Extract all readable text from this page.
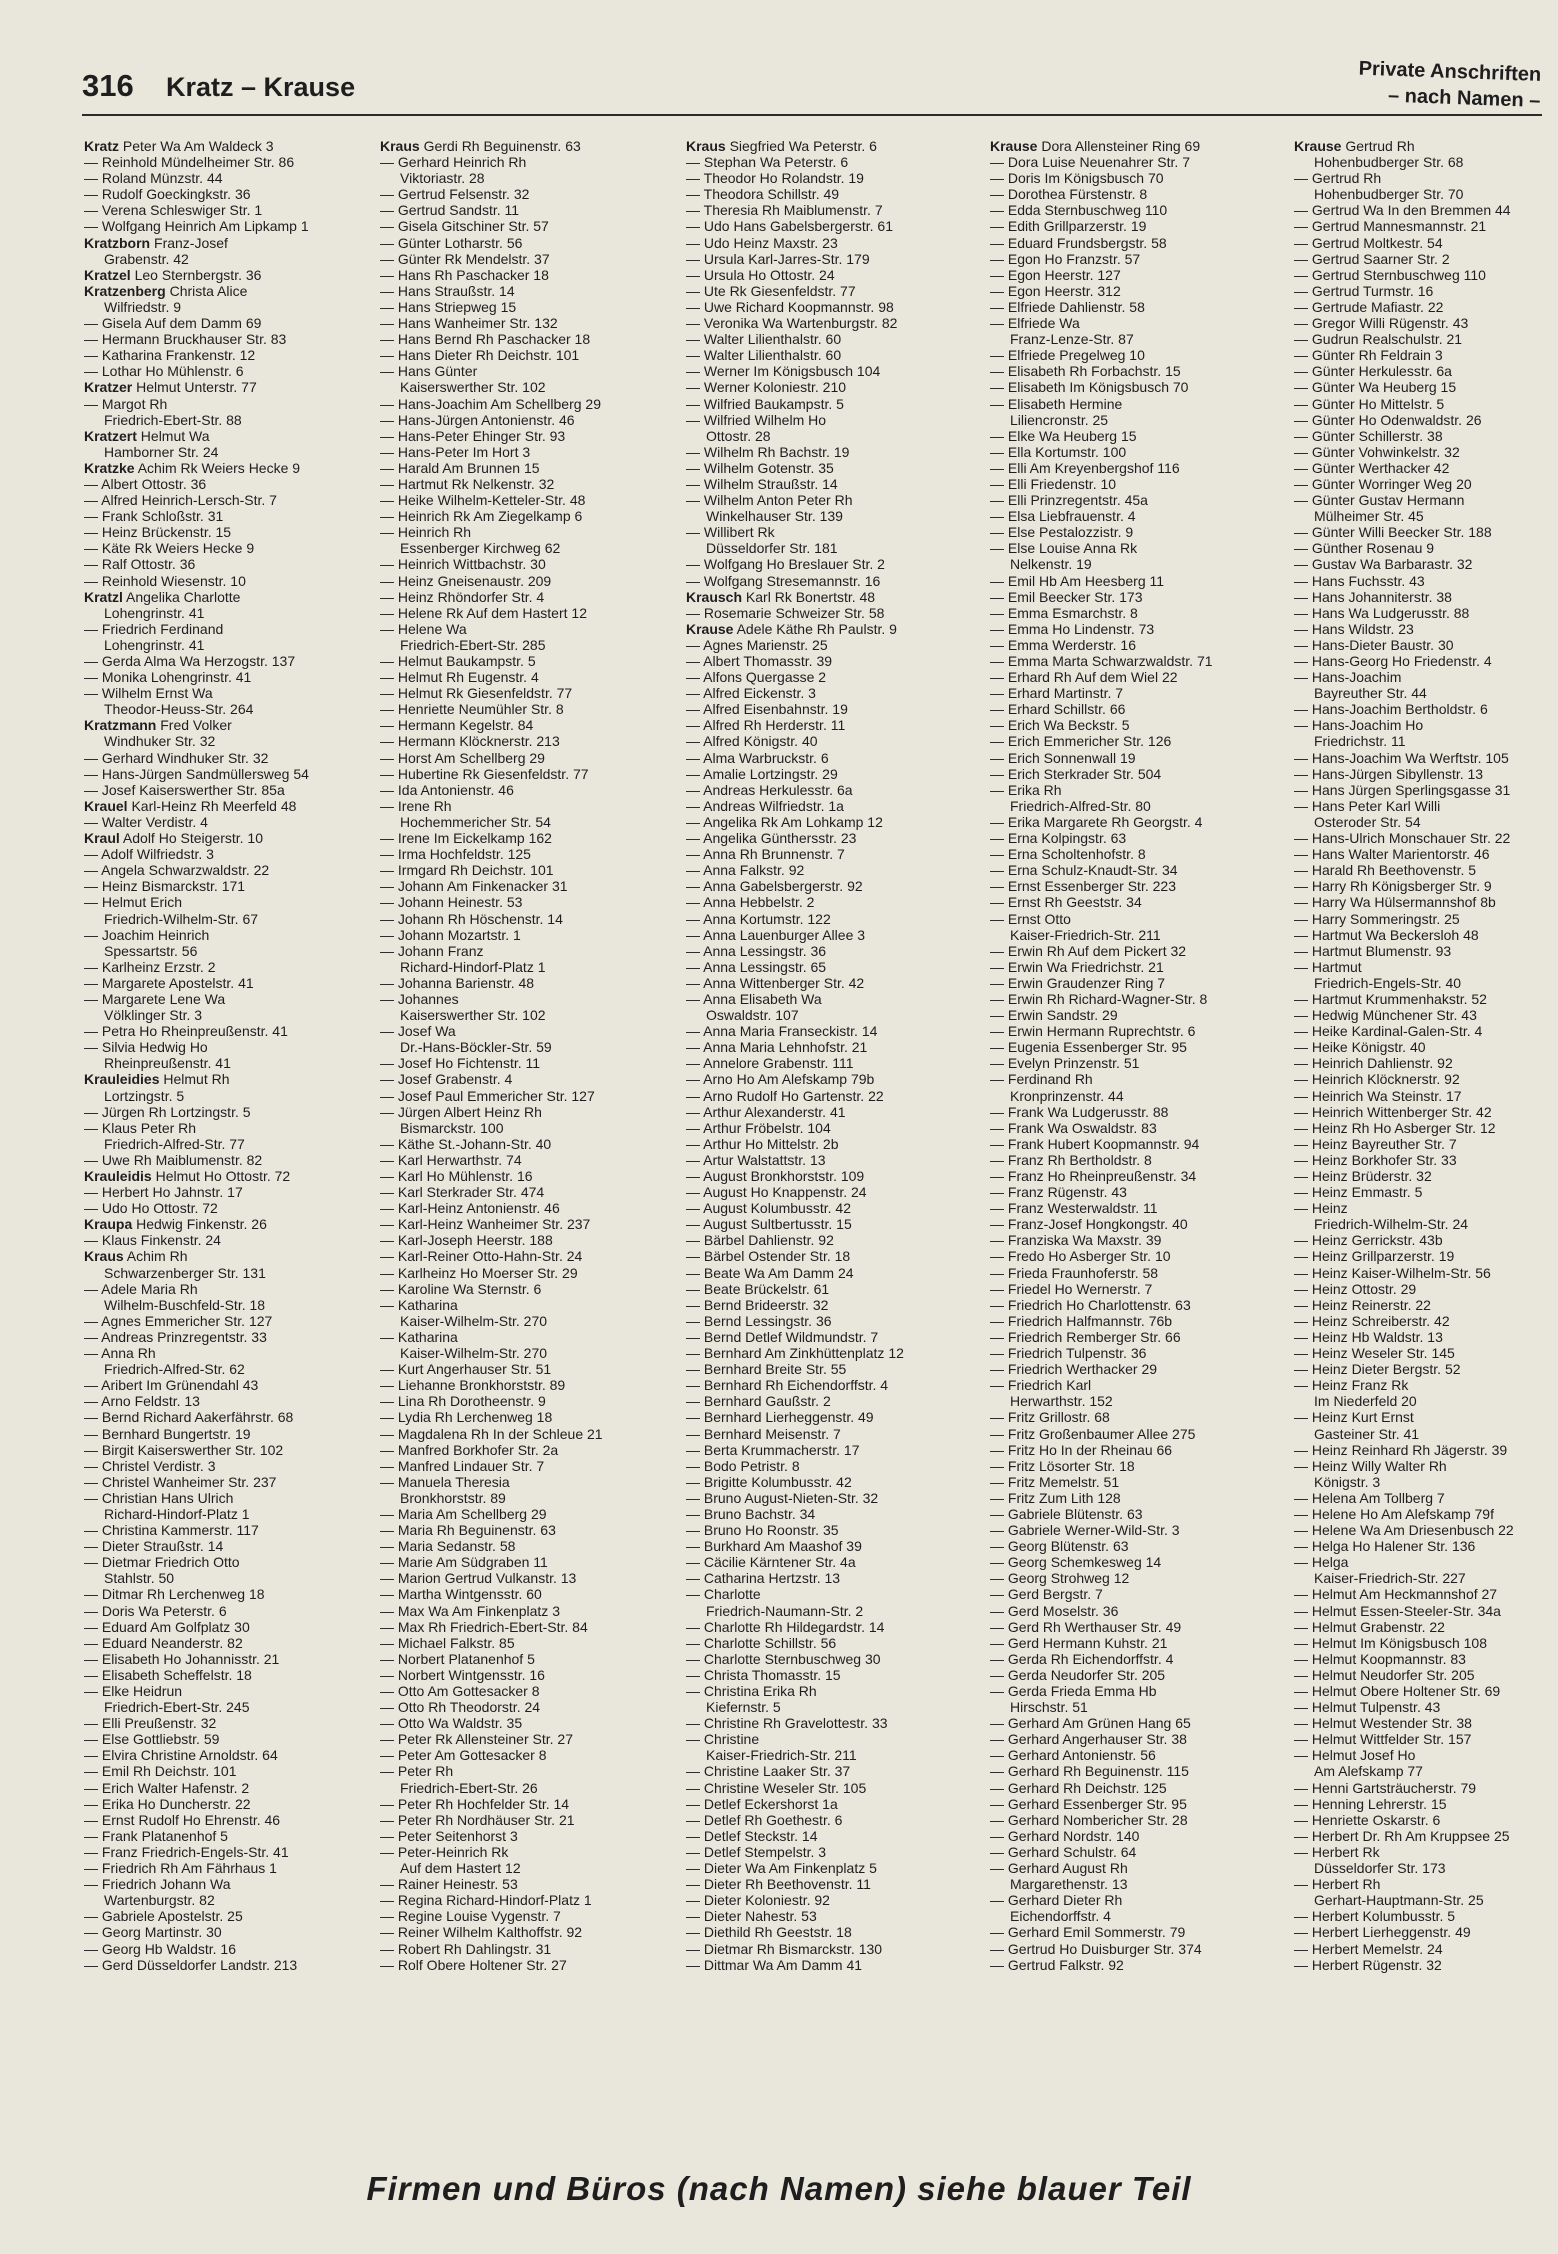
316 Kratz – Krause
Private Anschriften
– nach Namen –
Kratz Peter Wa Am Waldeck 3
— Reinhold Mündelheimer Str. 86
— Roland Münzstr. 44
— Rudolf Goeckingkstr. 36
— Verena Schleswiger Str. 1
— Wolfgang Heinrich Am Lipkamp 1
Kratzborn Franz-Josef
Grabenstr. 42
Kratzel Leo Sternbergstr. 36
Kratzenberg Christa Alice
Wilfriedstr. 9
— Gisela Auf dem Damm 69
— Hermann Bruckhauser Str. 83
— Katharina Frankenstr. 12
— Lothar Ho Mühlenstr. 6
Kratzer Helmut Unterstr. 77
— Margot Rh
Friedrich-Ebert-Str. 88
Kratzert Helmut Wa
Hamborner Str. 24
Kratzke Achim Rk Weiers Hecke 9
— Albert Ottostr. 36
— Alfred Heinrich-Lersch-Str. 7
— Frank Schloßstr. 31
— Heinz Brückenstr. 15
— Käte Rk Weiers Hecke 9
— Ralf Ottostr. 36
— Reinhold Wiesenstr. 10
Kratzl Angelika Charlotte
Lohengrinstr. 41
— Friedrich Ferdinand
Lohengrinstr. 41
— Gerda Alma Wa Herzogstr. 137
— Monika Lohengrinstr. 41
— Wilhelm Ernst Wa
Theodor-Heuss-Str. 264
Kratzmann Fred Volker
Windhuker Str. 32
— Gerhard Windhuker Str. 32
— Hans-Jürgen Sandmüllersweg 54
— Josef Kaiserswerther Str. 85a
Krauel Karl-Heinz Rh Meerfeld 48
— Walter Verdistr. 4
Kraul Adolf Ho Steigerstr. 10
— Adolf Wilfriedstr. 3
— Angela Schwarzwaldstr. 22
— Heinz Bismarckstr. 171
— Helmut Erich
Friedrich-Wilhelm-Str. 67
— Joachim Heinrich
Spessartstr. 56
— Karlheinz Erzstr. 2
— Margarete Apostelstr. 41
— Margarete Lene Wa
Völklinger Str. 3
— Petra Ho Rheinpreußenstr. 41
— Silvia Hedwig Ho
Rheinpreußenstr. 41
Krauleidies Helmut Rh
Lortzingstr. 5
— Jürgen Rh Lortzingstr. 5
— Klaus Peter Rh
Friedrich-Alfred-Str. 77
— Uwe Rh Maiblumenstr. 82
Krauleidis Helmut Ho Ottostr. 72
— Herbert Ho Jahnstr. 17
— Udo Ho Ottostr. 72
Kraupa Hedwig Finkenstr. 26
— Klaus Finkenstr. 24
Kraus Achim Rh
Schwarzenberger Str. 131
— Adele Maria Rh
Wilhelm-Buschfeld-Str. 18
— Agnes Emmericher Str. 127
— Andreas Prinzregentstr. 33
— Anna Rh
Friedrich-Alfred-Str. 62
— Aribert Im Grünendahl 43
— Arno Feldstr. 13
— Bernd Richard Aakerfährstr. 68
— Bernhard Bungertstr. 19
— Birgit Kaiserswerther Str. 102
— Christel Verdistr. 3
— Christel Wanheimer Str. 237
— Christian Hans Ulrich
Richard-Hindorf-Platz 1
— Christina Kammerstr. 117
— Dieter Straußstr. 14
— Dietmar Friedrich Otto
Stahlstr. 50
— Ditmar Rh Lerchenweg 18
— Doris Wa Peterstr. 6
— Eduard Am Golfplatz 30
— Eduard Neanderstr. 82
— Elisabeth Ho Johannisstr. 21
— Elisabeth Scheffelstr. 18
— Elke Heidrun
Friedrich-Ebert-Str. 245
— Elli Preußenstr. 32
— Else Gottliebstr. 59
— Elvira Christine Arnoldstr. 64
— Emil Rh Deichstr. 101
— Erich Walter Hafenstr. 2
— Erika Ho Duncherstr. 22
— Ernst Rudolf Ho Ehrenstr. 46
— Frank Platanenhof 5
— Franz Friedrich-Engels-Str. 41
— Friedrich Rh Am Fährhaus 1
— Friedrich Johann Wa
Wartenburgstr. 82
— Gabriele Apostelstr. 25
— Georg Martinstr. 30
— Georg Hb Waldstr. 16
— Gerd Düsseldorfer Landstr. 213
Kraus Gerdi Rh Beguinenstr. 63
— Gerhard Heinrich Rh
Viktoriastr. 28
— Gertrud Felsenstr. 32
— Gertrud Sandstr. 11
— Gisela Gitschiner Str. 57
— Günter Lotharstr. 56
— Günter Rk Mendelstr. 37
— Hans Rh Paschacker 18
— Hans Straußstr. 14
— Hans Striepweg 15
— Hans Wanheimer Str. 132
— Hans Bernd Rh Paschacker 18
— Hans Dieter Rh Deichstr. 101
— Hans Günter
Kaiserswerther Str. 102
— Hans-Joachim Am Schellberg 29
— Hans-Jürgen Antonienstr. 46
— Hans-Peter Ehinger Str. 93
— Hans-Peter Im Hort 3
— Harald Am Brunnen 15
— Hartmut Rk Nelkenstr. 32
— Heike Wilhelm-Ketteler-Str. 48
— Heinrich Rk Am Ziegelkamp 6
— Heinrich Rh
Essenberger Kirchweg 62
— Heinrich Wittbachstr. 30
— Heinz Gneisenaustr. 209
— Heinz Rhöndorfer Str. 4
— Helene Rk Auf dem Hastert 12
— Helene Wa
Friedrich-Ebert-Str. 285
— Helmut Baukampstr. 5
— Helmut Rh Eugenstr. 4
— Helmut Rk Giesenfeldstr. 77
— Henriette Neumühler Str. 8
— Hermann Kegelstr. 84
— Hermann Klöcknerstr. 213
— Horst Am Schellberg 29
— Hubertine Rk Giesenfeldstr. 77
— Ida Antonienstr. 46
— Irene Rh
Hochemmericher Str. 54
— Irene Im Eickelkamp 162
— Irma Hochfeldstr. 125
— Irmgard Rh Deichstr. 101
— Johann Am Finkenacker 31
— Johann Heinestr. 53
— Johann Rh Höschenstr. 14
— Johann Mozartstr. 1
— Johann Franz
Richard-Hindorf-Platz 1
— Johanna Barienstr. 48
— Johannes
Kaiserswerther Str. 102
— Josef Wa
Dr.-Hans-Böckler-Str. 59
— Josef Ho Fichtenstr. 11
— Josef Grabenstr. 4
— Josef Paul Emmericher Str. 127
— Jürgen Albert Heinz Rh
Bismarckstr. 100
— Käthe St.-Johann-Str. 40
— Karl Herwarthstr. 74
— Karl Ho Mühlenstr. 16
— Karl Sterkrader Str. 474
— Karl-Heinz Antonienstr. 46
— Karl-Heinz Wanheimer Str. 237
— Karl-Joseph Heerstr. 188
— Karl-Reiner Otto-Hahn-Str. 24
— Karlheinz Ho Moerser Str. 29
— Karoline Wa Sternstr. 6
— Katharina
Kaiser-Wilhelm-Str. 270
— Katharina
Kaiser-Wilhelm-Str. 270
— Kurt Angerhauser Str. 51
— Liehanne Bronkhorststr. 89
— Lina Rh Dorotheenstr. 9
— Lydia Rh Lerchenweg 18
— Magdalena Rh In der Schleue 21
— Manfred Borkhofer Str. 2a
— Manfred Lindauer Str. 7
— Manuela Theresia
Bronkhorststr. 89
— Maria Am Schellberg 29
— Maria Rh Beguinenstr. 63
— Maria Sedanstr. 58
— Marie Am Südgraben 11
— Marion Gertrud Vulkanstr. 13
— Martha Wintgensstr. 60
— Max Wa Am Finkenplatz 3
— Max Rh Friedrich-Ebert-Str. 84
— Michael Falkstr. 85
— Norbert Platanenhof 5
— Norbert Wintgensstr. 16
— Otto Am Gottesacker 8
— Otto Rh Theodorstr. 24
— Otto Wa Waldstr. 35
— Peter Rk Allensteiner Str. 27
— Peter Am Gottesacker 8
— Peter Rh
Friedrich-Ebert-Str. 26
— Peter Rh Hochfelder Str. 14
— Peter Rh Nordhäuser Str. 21
— Peter Seitenhorst 3
— Peter-Heinrich Rk
Auf dem Hastert 12
— Rainer Heinestr. 53
— Regina Richard-Hindorf-Platz 1
— Regine Louise Vygenstr. 7
— Reiner Wilhelm Kalthoffstr. 92
— Robert Rh Dahlingstr. 31
— Rolf Obere Holtener Str. 27
Kraus Siegfried Wa Peterstr. 6
— Stephan Wa Peterstr. 6
— Theodor Ho Rolandstr. 19
— Theodora Schillstr. 49
— Theresia Rh Maiblumenstr. 7
— Udo Hans Gabelsbergerstr. 61
— Udo Heinz Maxstr. 23
— Ursula Karl-Jarres-Str. 179
— Ursula Ho Ottostr. 24
— Ute Rk Giesenfeldstr. 77
— Uwe Richard Koopmannstr. 98
— Veronika Wa Wartenburgstr. 82
— Walter Lilienthalstr. 60
— Walter Lilienthalstr. 60
— Werner Im Königsbusch 104
— Werner Koloniestr. 210
— Wilfried Baukampstr. 5
— Wilfried Wilhelm Ho
Ottostr. 28
— Wilhelm Rh Bachstr. 19
— Wilhelm Gotenstr. 35
— Wilhelm Straußstr. 14
— Wilhelm Anton Peter Rh
Winkelhauser Str. 139
— Willibert Rk
Düsseldorfer Str. 181
— Wolfgang Ho Breslauer Str. 2
— Wolfgang Stresemannstr. 16
Krausch Karl Rk Bonertstr. 48
— Rosemarie Schweizer Str. 58
Krause Adele Käthe Rh Paulstr. 9
— Agnes Marienstr. 25
— Albert Thomasstr. 39
— Alfons Quergasse 2
— Alfred Eickenstr. 3
— Alfred Eisenbahnstr. 19
— Alfred Rh Herderstr. 11
— Alfred Königstr. 40
— Alma Warbruckstr. 6
— Amalie Lortzingstr. 29
— Andreas Herkulesstr. 6a
— Andreas Wilfriedstr. 1a
— Angelika Rk Am Lohkamp 12
— Angelika Günthersstr. 23
— Anna Rh Brunnenstr. 7
— Anna Falkstr. 92
— Anna Gabelsbergerstr. 92
— Anna Hebbelstr. 2
— Anna Kortumstr. 122
— Anna Lauenburger Allee 3
— Anna Lessingstr. 36
— Anna Lessingstr. 65
— Anna Wittenberger Str. 42
— Anna Elisabeth Wa
Oswaldstr. 107
— Anna Maria Franseckistr. 14
— Anna Maria Lehnhofstr. 21
— Annelore Grabenstr. 111
— Arno Ho Am Alefskamp 79b
— Arno Rudolf Ho Gartenstr. 22
— Arthur Alexanderstr. 41
— Arthur Fröbelstr. 104
— Arthur Ho Mittelstr. 2b
— Artur Walstattstr. 13
— August Bronkhorststr. 109
— August Ho Knappenstr. 24
— August Kolumbusstr. 42
— August Sultbertusstr. 15
— Bärbel Dahlienstr. 92
— Bärbel Ostender Str. 18
— Beate Wa Am Damm 24
— Beate Brückelstr. 61
— Bernd Brideerstr. 32
— Bernd Lessingstr. 36
— Bernd Detlef Wildmundstr. 7
— Bernhard Am Zinkhüttenplatz 12
— Bernhard Breite Str. 55
— Bernhard Rh Eichendorffstr. 4
— Bernhard Gaußstr. 2
— Bernhard Lierheggenstr. 49
— Bernhard Meisenstr. 7
— Berta Krummacherstr. 17
— Bodo Petristr. 8
— Brigitte Kolumbusstr. 42
— Bruno August-Nieten-Str. 32
— Bruno Bachstr. 34
— Bruno Ho Roonstr. 35
— Burkhard Am Maashof 39
— Cäcilie Kärntener Str. 4a
— Catharina Hertzstr. 13
— Charlotte
Friedrich-Naumann-Str. 2
— Charlotte Rh Hildegardstr. 14
— Charlotte Schillstr. 56
— Charlotte Sternbuschweg 30
— Christa Thomasstr. 15
— Christina Erika Rh
Kiefernstr. 5
— Christine Rh Gravelottestr. 33
— Christine
Kaiser-Friedrich-Str. 211
— Christine Laaker Str. 37
— Christine Weseler Str. 105
— Detlef Eckershorst 1a
— Detlef Rh Goethestr. 6
— Detlef Steckstr. 14
— Detlef Stempelstr. 3
— Dieter Wa Am Finkenplatz 5
— Dieter Rh Beethovenstr. 11
— Dieter Koloniestr. 92
— Dieter Nahestr. 53
— Diethild Rh Geeststr. 18
— Dietmar Rh Bismarckstr. 130
— Dittmar Wa Am Damm 41
Krause Dora Allensteiner Ring 69
— Dora Luise Neuenahrer Str. 7
— Doris Im Königsbusch 70
— Dorothea Fürstenstr. 8
— Edda Sternbuschweg 110
— Edith Grillparzerstr. 19
— Eduard Frundsbergstr. 58
— Egon Ho Franzstr. 57
— Egon Heerstr. 127
— Egon Heerstr. 312
— Elfriede Dahlienstr. 58
— Elfriede Wa
Franz-Lenze-Str. 87
— Elfriede Pregelweg 10
— Elisabeth Rh Forbachstr. 15
— Elisabeth Im Königsbusch 70
— Elisabeth Hermine
Liliencronstr. 25
— Elke Wa Heuberg 15
— Ella Kortumstr. 100
— Elli Am Kreyenbergshof 116
— Elli Friedenstr. 10
— Elli Prinzregentstr. 45a
— Elsa Liebfrauenstr. 4
— Else Pestalozzistr. 9
— Else Louise Anna Rk
Nelkenstr. 19
— Emil Hb Am Heesberg 11
— Emil Beecker Str. 173
— Emma Esmarchstr. 8
— Emma Ho Lindenstr. 73
— Emma Werderstr. 16
— Emma Marta Schwarzwaldstr. 71
— Erhard Rh Auf dem Wiel 22
— Erhard Martinstr. 7
— Erhard Schillstr. 66
— Erich Wa Beckstr. 5
— Erich Emmericher Str. 126
— Erich Sonnenwall 19
— Erich Sterkrader Str. 504
— Erika Rh
Friedrich-Alfred-Str. 80
— Erika Margarete Rh Georgstr. 4
— Erna Kolpingstr. 63
— Erna Scholtenhofstr. 8
— Erna Schulz-Knaudt-Str. 34
— Ernst Essenberger Str. 223
— Ernst Rh Geeststr. 34
— Ernst Otto
Kaiser-Friedrich-Str. 211
— Erwin Rh Auf dem Pickert 32
— Erwin Wa Friedrichstr. 21
— Erwin Graudenzer Ring 7
— Erwin Rh Richard-Wagner-Str. 8
— Erwin Sandstr. 29
— Erwin Hermann Ruprechtstr. 6
— Eugenia Essenberger Str. 95
— Evelyn Prinzenstr. 51
— Ferdinand Rh
Kronprinzenstr. 44
— Frank Wa Ludgerusstr. 88
— Frank Wa Oswaldstr. 83
— Frank Hubert Koopmannstr. 94
— Franz Rh Bertholdstr. 8
— Franz Ho Rheinpreußenstr. 34
— Franz Rügenstr. 43
— Franz Westerwaldstr. 11
— Franz-Josef Hongkongstr. 40
— Franziska Wa Maxstr. 39
— Fredo Ho Asberger Str. 10
— Frieda Fraunhoferstr. 58
— Friedel Ho Wernerstr. 7
— Friedrich Ho Charlottenstr. 63
— Friedrich Halfmannstr. 76b
— Friedrich Remberger Str. 66
— Friedrich Tulpenstr. 36
— Friedrich Werthacker 29
— Friedrich Karl
Herwarthstr. 152
— Fritz Grillostr. 68
— Fritz Großenbaumer Allee 275
— Fritz Ho In der Rheinau 66
— Fritz Lösorter Str. 18
— Fritz Memelstr. 51
— Fritz Zum Lith 128
— Gabriele Blütenstr. 63
— Gabriele Werner-Wild-Str. 3
— Georg Blütenstr. 63
— Georg Schemkesweg 14
— Georg Strohweg 12
— Gerd Bergstr. 7
— Gerd Moselstr. 36
— Gerd Rh Werthauser Str. 49
— Gerd Hermann Kuhstr. 21
— Gerda Rh Eichendorffstr. 4
— Gerda Neudorfer Str. 205
— Gerda Frieda Emma Hb
Hirschstr. 51
— Gerhard Am Grünen Hang 65
— Gerhard Angerhauser Str. 38
— Gerhard Antonienstr. 56
— Gerhard Rh Beguinenstr. 115
— Gerhard Rh Deichstr. 125
— Gerhard Essenberger Str. 95
— Gerhard Nombericher Str. 28
— Gerhard Nordstr. 140
— Gerhard Schulstr. 64
— Gerhard August Rh
Margarethenstr. 13
— Gerhard Dieter Rh
Eichendorffstr. 4
— Gerhard Emil Sommerstr. 79
— Gertrud Ho Duisburger Str. 374
— Gertrud Falkstr. 92
Krause Gertrud Rh
Hohenbudberger Str. 68
— Gertrud Rh
Hohenbudberger Str. 70
— Gertrud Wa In den Bremmen 44
— Gertrud Mannesmannstr. 21
— Gertrud Moltkestr. 54
— Gertrud Saarner Str. 2
— Gertrud Sternbuschweg 110
— Gertrud Turmstr. 16
— Gertrude Mafiastr. 22
— Gregor Willi Rügenstr. 43
— Gudrun Realschulstr. 21
— Günter Rh Feldrain 3
— Günter Herkulesstr. 6a
— Günter Wa Heuberg 15
— Günter Ho Mittelstr. 5
— Günter Ho Odenwaldstr. 26
— Günter Schillerstr. 38
— Günter Vohwinkelstr. 32
— Günter Werthacker 42
— Günter Worringer Weg 20
— Günter Gustav Hermann
Mülheimer Str. 45
— Günter Willi Beecker Str. 188
— Günther Rosenau 9
— Gustav Wa Barbarastr. 32
— Hans Fuchsstr. 43
— Hans Johanniterstr. 38
— Hans Wa Ludgerusstr. 88
— Hans Wildstr. 23
— Hans-Dieter Baustr. 30
— Hans-Georg Ho Friedenstr. 4
— Hans-Joachim
Bayreuther Str. 44
— Hans-Joachim Bertholdstr. 6
— Hans-Joachim Ho
Friedrichstr. 11
— Hans-Joachim Wa Werftstr. 105
— Hans-Jürgen Sibyllenstr. 13
— Hans Jürgen Sperlingsgasse 31
— Hans Peter Karl Willi
Osteroder Str. 54
— Hans-Ulrich Monschauer Str. 22
— Hans Walter Marientorstr. 46
— Harald Rh Beethovenstr. 5
— Harry Rh Königsberger Str. 9
— Harry Wa Hülsermannshof 8b
— Harry Sommeringstr. 25
— Hartmut Wa Beckersloh 48
— Hartmut Blumenstr. 93
— Hartmut
Friedrich-Engels-Str. 40
— Hartmut Krummenhakstr. 52
— Hedwig Münchener Str. 43
— Heike Kardinal-Galen-Str. 4
— Heike Königstr. 40
— Heinrich Dahlienstr. 92
— Heinrich Klöcknerstr. 92
— Heinrich Wa Steinstr. 17
— Heinrich Wittenberger Str. 42
— Heinz Rh Ho Asberger Str. 12
— Heinz Bayreuther Str. 7
— Heinz Borkhofer Str. 33
— Heinz Brüderstr. 32
— Heinz Emmastr. 5
— Heinz
Friedrich-Wilhelm-Str. 24
— Heinz Gerrickstr. 43b
— Heinz Grillparzerstr. 19
— Heinz Kaiser-Wilhelm-Str. 56
— Heinz Ottostr. 29
— Heinz Reinerstr. 22
— Heinz Schreiberstr. 42
— Heinz Hb Waldstr. 13
— Heinz Weseler Str. 145
— Heinz Dieter Bergstr. 52
— Heinz Franz Rk
Im Niederfeld 20
— Heinz Kurt Ernst
Gasteiner Str. 41
— Heinz Reinhard Rh Jägerstr. 39
— Heinz Willy Walter Rh
Königstr. 3
— Helena Am Tollberg 7
— Helene Ho Am Alefskamp 79f
— Helene Wa Am Driesenbusch 22
— Helga Ho Halener Str. 136
— Helga
Kaiser-Friedrich-Str. 227
— Helmut Am Heckmannshof 27
— Helmut Essen-Steeler-Str. 34a
— Helmut Grabenstr. 22
— Helmut Im Königsbusch 108
— Helmut Koopmannstr. 83
— Helmut Neudorfer Str. 205
— Helmut Obere Holtener Str. 69
— Helmut Tulpenstr. 43
— Helmut Westender Str. 38
— Helmut Wittfelder Str. 157
— Helmut Josef Ho
Am Alefskamp 77
— Henni Gartsträucherstr. 79
— Henning Lehrerstr. 15
— Henriette Oskarstr. 6
— Herbert Dr. Rh Am Kruppsee 25
— Herbert Rk
Düsseldorfer Str. 173
— Herbert Rh
Gerhart-Hauptmann-Str. 25
— Herbert Kolumbusstr. 5
— Herbert Lierheggenstr. 49
— Herbert Memelstr. 24
— Herbert Rügenstr. 32
Firmen und Büros (nach Namen) siehe blauer Teil
